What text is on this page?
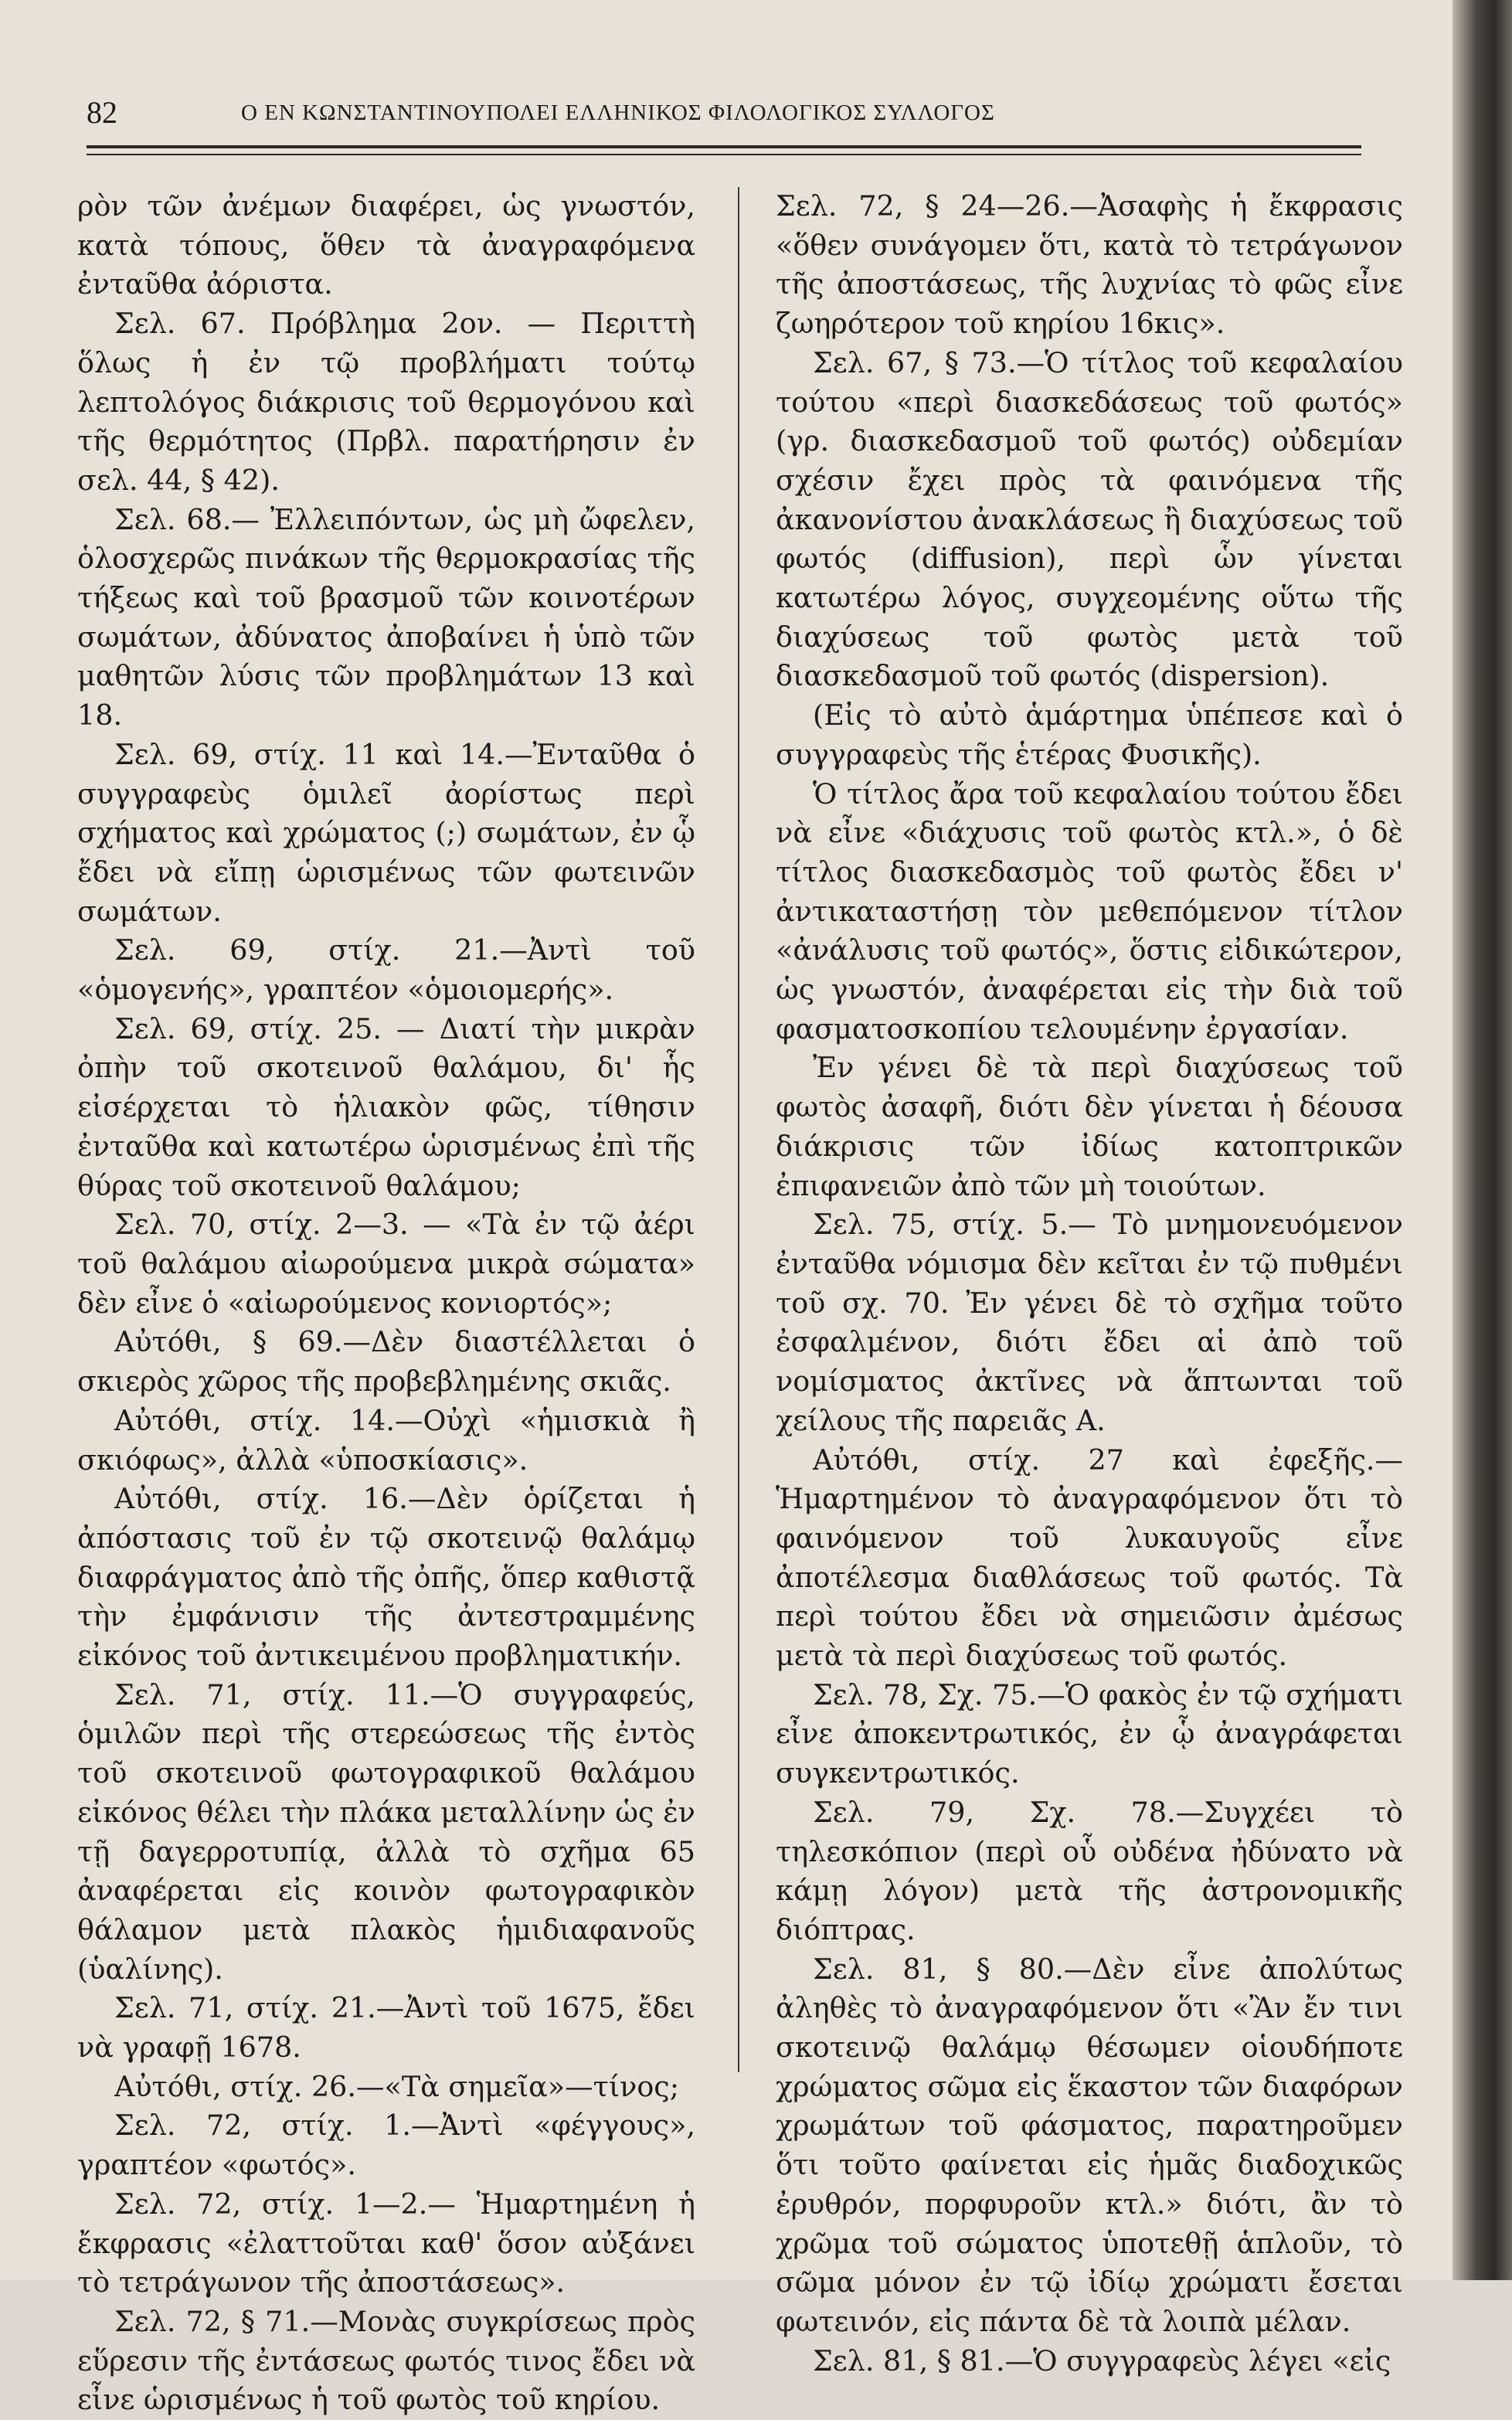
82	Ο ΕΝ ΚΩΝΣΤΑΝΤΙΝΟΥΠΟΛΕΙ ΕΛΛΗΝΙΚΟΣ ΦΙΛΟΛΟΓΙΚΟΣ ΣΥΛΛΟΓΟΣ

ρὸν τῶν ἀνέμων διαφέρει, ὡς γνωστόν, κατὰ τόπους, ὅθεν τὰ ἀναγραφόμενα ἐνταῦθα ἀόριστα.

Σελ. 67. Πρόβλημα 2ον. — Περιττὴ ὅλως ἡ ἐν τῷ προβλήματι τούτῳ λεπτολόγος διάκρισις τοῦ θερμογόνου καὶ τῆς θερμότητος (Πρβλ. παρατήρησιν ἐν σελ. 44, § 42).

Σελ. 68.— Ἐλλειπόντων, ὡς μὴ ὤφελεν, ὁλοσχερῶς πινάκων τῆς θερμοκρασίας τῆς τήξεως καὶ τοῦ βρασμοῦ τῶν κοινοτέρων σωμάτων, ἀδύνατος ἀποβαίνει ἡ ὑπὸ τῶν μαθητῶν λύσις τῶν προβλημάτων 13 καὶ 18.

Σελ. 69, στίχ. 11 καὶ 14.—Ἐνταῦθα ὁ συγγραφεὺς ὁμιλεῖ ἀορίστως περὶ σχήματος καὶ χρώματος (;) σωμάτων, ἐν ᾧ ἔδει νὰ εἴπῃ ὡρισμένως τῶν φωτεινῶν σωμάτων.

Σελ. 69, στίχ. 21.—Ἀντὶ τοῦ «ὁμογενής», γραπτέον «ὁμοιομερής».

Σελ. 69, στίχ. 25. — Διατί τὴν μικρὰν ὀπὴν τοῦ σκοτεινοῦ θαλάμου, δι' ἧς εἰσέρχεται τὸ ἡλιακὸν φῶς, τίθησιν ἐνταῦθα καὶ κατωτέρω ὡρισμένως ἐπὶ τῆς θύρας τοῦ σκοτεινοῦ θαλάμου;

Σελ. 70, στίχ. 2—3. — «Τὰ ἐν τῷ ἀέρι τοῦ θαλάμου αἰωρούμενα μικρὰ σώματα» δὲν εἶνε ὁ «αἰωρούμενος κονιορτός»;

Αὐτόθι, § 69.—Δὲν διαστέλλεται ὁ σκιερὸς χῶρος τῆς προβεβλημένης σκιᾶς.

Αὐτόθι, στίχ. 14.—Οὐχὶ «ἡμισκιὰ ἢ σκιόφως», ἀλλὰ «ὑποσκίασις».

Αὐτόθι, στίχ. 16.—Δὲν ὁρίζεται ἡ ἀπόστασις τοῦ ἐν τῷ σκοτεινῷ θαλάμῳ διαφράγματος ἀπὸ τῆς ὀπῆς, ὅπερ καθιστᾷ τὴν ἐμφάνισιν τῆς ἀντεστραμμένης εἰκόνος τοῦ ἀντικειμένου προβληματικήν.

Σελ. 71, στίχ. 11.—Ὁ συγγραφεύς, ὁμιλῶν περὶ τῆς στερεώσεως τῆς ἐντὸς τοῦ σκοτεινοῦ φωτογραφικοῦ θαλάμου εἰκόνος θέλει τὴν πλάκα μεταλλίνην ὡς ἐν τῇ δαγερροτυπίᾳ, ἀλλὰ τὸ σχῆμα 65 ἀναφέρεται εἰς κοινὸν φωτογραφικὸν θάλαμον μετὰ πλακὸς ἡμιδιαφανοῦς (ὑαλίνης).

Σελ. 71, στίχ. 21.—Ἀντὶ τοῦ 1675, ἔδει νὰ γραφῇ 1678.

Αὐτόθι, στίχ. 26.—«Τὰ σημεῖα»—τίνος;

Σελ. 72, στίχ. 1.—Ἀντὶ «φέγγους», γραπτέον «φωτός».

Σελ. 72, στίχ. 1—2.— Ἡμαρτημένη ἡ ἔκφρασις «ἐλαττοῦται καθ' ὅσον αὐξάνει τὸ τετράγωνον τῆς ἀποστάσεως».

Σελ. 72, § 71.—Μονὰς συγκρίσεως πρὸς εὕρεσιν τῆς ἐντάσεως φωτός τινος ἔδει νὰ εἶνε ὡρισμένως ἡ τοῦ φωτὸς τοῦ κηρίου.

Σελ. 72, § 24—26.—Ἀσαφὴς ἡ ἔκφρασις «ὅθεν συνάγομεν ὅτι, κατὰ τὸ τετράγωνον τῆς ἀποστάσεως, τῆς λυχνίας τὸ φῶς εἶνε ζωηρότερον τοῦ κηρίου 16κις».

Σελ. 67, § 73.—Ὁ τίτλος τοῦ κεφαλαίου τούτου «περὶ διασκεδάσεως τοῦ φωτός» (γρ. διασκεδασμοῦ τοῦ φωτός) οὐδεμίαν σχέσιν ἔχει πρὸς τὰ φαινόμενα τῆς ἀκανονίστου ἀνακλάσεως ἢ διαχύσεως τοῦ φωτός (diffusion), περὶ ὧν γίνεται κατωτέρω λόγος, συγχεομένης οὕτω τῆς διαχύσεως τοῦ φωτὸς μετὰ τοῦ διασκεδασμοῦ τοῦ φωτός (dispersion).

(Εἰς τὸ αὐτὸ ἁμάρτημα ὑπέπεσε καὶ ὁ συγγραφεὺς τῆς ἑτέρας Φυσικῆς).

Ὁ τίτλος ἄρα τοῦ κεφαλαίου τούτου ἔδει νὰ εἶνε «διάχυσις τοῦ φωτὸς κτλ.», ὁ δὲ τίτλος διασκεδασμὸς τοῦ φωτὸς ἔδει ν' ἀντικαταστήσῃ τὸν μεθεπόμενον τίτλον «ἀνάλυσις τοῦ φωτός», ὅστις εἰδικώτερον, ὡς γνωστόν, ἀναφέρεται εἰς τὴν διὰ τοῦ φασματοσκοπίου τελουμένην ἐργασίαν.

Ἐν γένει δὲ τὰ περὶ διαχύσεως τοῦ φωτὸς ἀσαφῆ, διότι δὲν γίνεται ἡ δέουσα διάκρισις τῶν ἰδίως κατοπτρικῶν ἐπιφανειῶν ἀπὸ τῶν μὴ τοιούτων.

Σελ. 75, στίχ. 5.— Τὸ μνημονευόμενον ἐνταῦθα νόμισμα δὲν κεῖται ἐν τῷ πυθμένι τοῦ σχ. 70. Ἐν γένει δὲ τὸ σχῆμα τοῦτο ἐσφαλμένον, διότι ἔδει αἱ ἀπὸ τοῦ νομίσματος ἀκτῖνες νὰ ἅπτωνται τοῦ χείλους τῆς παρειᾶς Α.

Αὐτόθι, στίχ. 27 καὶ ἐφεξῆς.— Ἡμαρτημένον τὸ ἀναγραφόμενον ὅτι τὸ φαινόμενον τοῦ λυκαυγοῦς εἶνε ἀποτέλεσμα διαθλάσεως τοῦ φωτός. Τὰ περὶ τούτου ἔδει νὰ σημειῶσιν ἀμέσως μετὰ τὰ περὶ διαχύσεως τοῦ φωτός.

Σελ. 78, Σχ. 75.—Ὁ φακὸς ἐν τῷ σχήματι εἶνε ἀποκεντρωτικός, ἐν ᾧ ἀναγράφεται συγκεντρωτικός.

Σελ. 79, Σχ. 78.—Συγχέει τὸ τηλεσκόπιον (περὶ οὗ οὐδένα ἠδύνατο νὰ κάμῃ λόγον) μετὰ τῆς ἀστρονομικῆς διόπτρας.

Σελ. 81, § 80.—Δὲν εἶνε ἀπολύτως ἀληθὲς τὸ ἀναγραφόμενον ὅτι «Ἂν ἔν τινι σκοτεινῷ θαλάμῳ θέσωμεν οἱουδήποτε χρώματος σῶμα εἰς ἕκαστον τῶν διαφόρων χρωμάτων τοῦ φάσματος, παρατηροῦμεν ὅτι τοῦτο φαίνεται εἰς ἡμᾶς διαδοχικῶς ἐρυθρόν, πορφυροῦν κτλ.» διότι, ἂν τὸ χρῶμα τοῦ σώματος ὑποτεθῇ ἁπλοῦν, τὸ σῶμα μόνον ἐν τῷ ἰδίῳ χρώματι ἔσεται φωτεινόν, εἰς πάντα δὲ τὰ λοιπὰ μέλαν.

Σελ. 81, § 81.—Ὁ συγγραφεὺς λέγει «εἰς
